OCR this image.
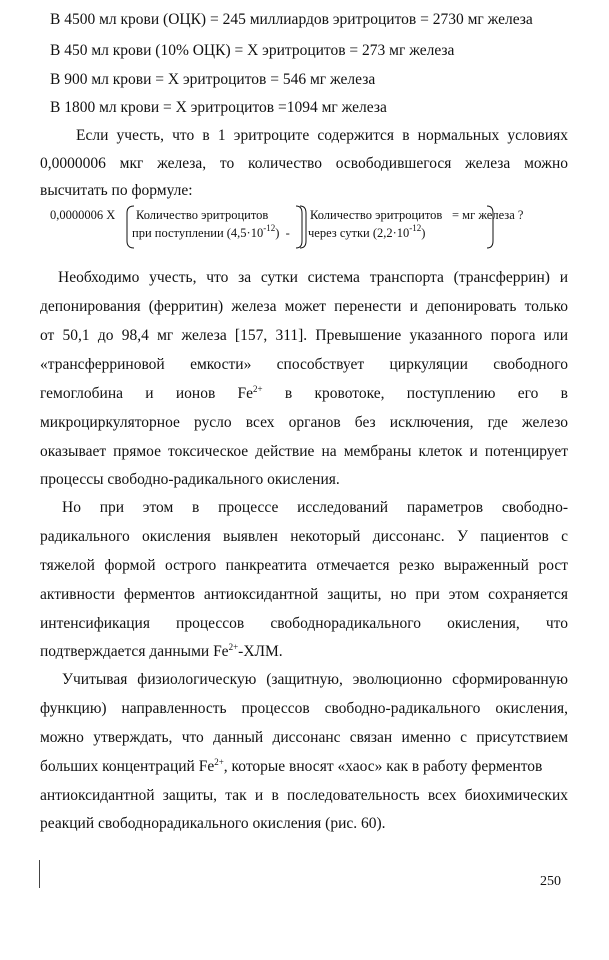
В 4500 мл крови (ОЦК) = 245 миллиардов эритроцитов = 2730 мг железа
В 450 мл крови (10% ОЦК) = Х эритроцитов = 273 мг железа
В 900 мл крови = Х эритроцитов = 546 мг железа
В 1800 мл крови = Х эритроцитов =1094 мг железа
Если учесть, что в 1 эритроците содержится в нормальных условиях
0,0000006 мкг железа, то количество освободившегося железа можно
высчитать по формуле:
0,0000006 Х Количество эритроцитов
при поступлении $(4,5\cdot 10^{-12})$ -
Количество эритроцитов
через сутки $(2,2\cdot 10^{-12})$
= мг железа ?
Необходимо учесть, что за сутки система транспорта (трансферрин) и
депонирования (ферритин) железа может перенести и депонировать только
от 50,1 до 98,4 мг железа [157, 311]. Превышение указанного порога или
«трансферриновой емкости» способствует циркуляции свободного
гемоглобина и ионов $Fe^{2+}$ в кровотоке, поступлению его в
микроциркуляторное русло всех органов без исключения, где железо
оказывает прямое токсическое действие на мембраны клеток и потенцирует
процессы свободно-радикального окисления.
Но при этом в процессе исследований параметров свободно-
радикального окисления выявлен некоторый диссонанс. У пациентов с
тяжелой формой острого панкреатита отмечается резко выраженный рост
активности ферментов антиоксидантной защиты, но при этом сохраняется
интенсификация процессов свободнорадикального окисления, что
подтверждается данными $Fe^{2+}$-ХЛМ.
Учитывая физиологическую (защитную, эволюционно сформированную
функцию) направленность процессов свободно-радикального окисления,
можно утверждать, что данный диссонанс связан именно с присутствием
больших концентраций $Fe^{2+}$, которые вносят «хаос» как в работу ферментов
антиоксидантной защиты, так и в последовательность всех биохимических
реакций свободнорадикального окисления (рис. 60).
250
